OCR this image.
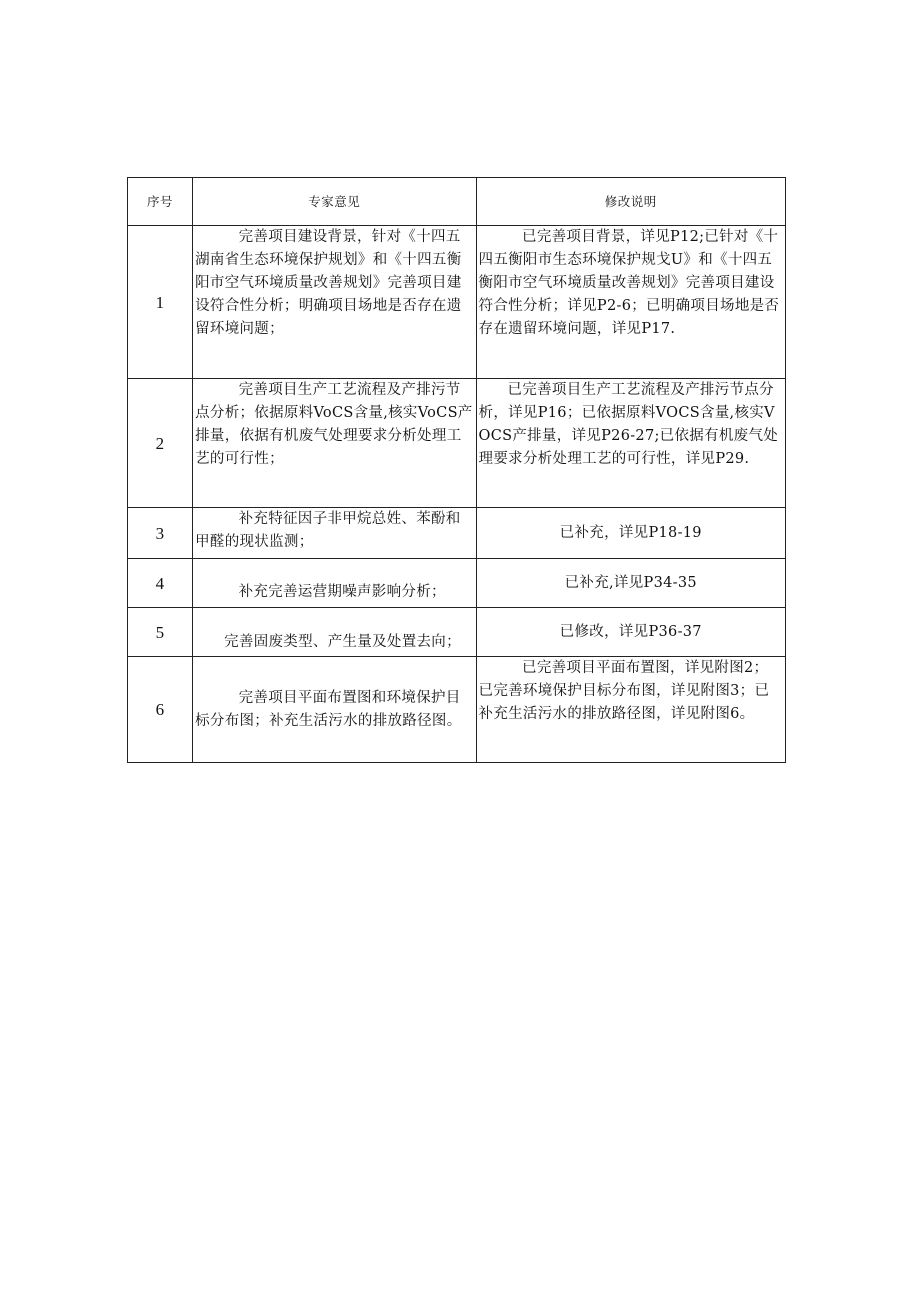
序号	专家意见	修改说明
1	完善项目建设背景，针对《十四五湖南省生态环境保护规划》和《十四五衡阳市空气环境质量改善规划》完善项目建设符合性分析；明确项目场地是否存在遗留环境问题；	已完善项目背景，详见P12;已针对《十四五衡阳市生态环境保护规戈U》和《十四五衡阳市空气环境质量改善规划》完善项目建设符合性分析；详见P2-6；已明确项目场地是否存在遗留环境问题，详见P17.

2	完善项目生产工艺流程及产排污节点分析；依据原料VoCS含量,核实VoCS产排量，依据有机废气处理要求分析处理工艺的可行性；	已完善项目生产工艺流程及产排污节点分析，详见P16；已依据原料VOCS含量,核实VOCS产排量，详见P26-27;已依据有机废气处理要求分析处理工艺的可行性，详见P29.

3	补充特征因子非甲烷总姓、苯酚和甲醛的现状监测；	已补充，详见P18-19
4	补充完善运营期噪声影响分析；	已补充,详见P34-35
5	完善固废类型、产生量及处置去向；	已修改，详见P36-37
6	完善项目平面布置图和环境保护目标分布图；补充生活污水的排放路径图。	已完善项目平面布置图，详见附图2；已完善环境保护目标分布图，详见附图3；已补充生活污水的排放路径图，详见附图6。
